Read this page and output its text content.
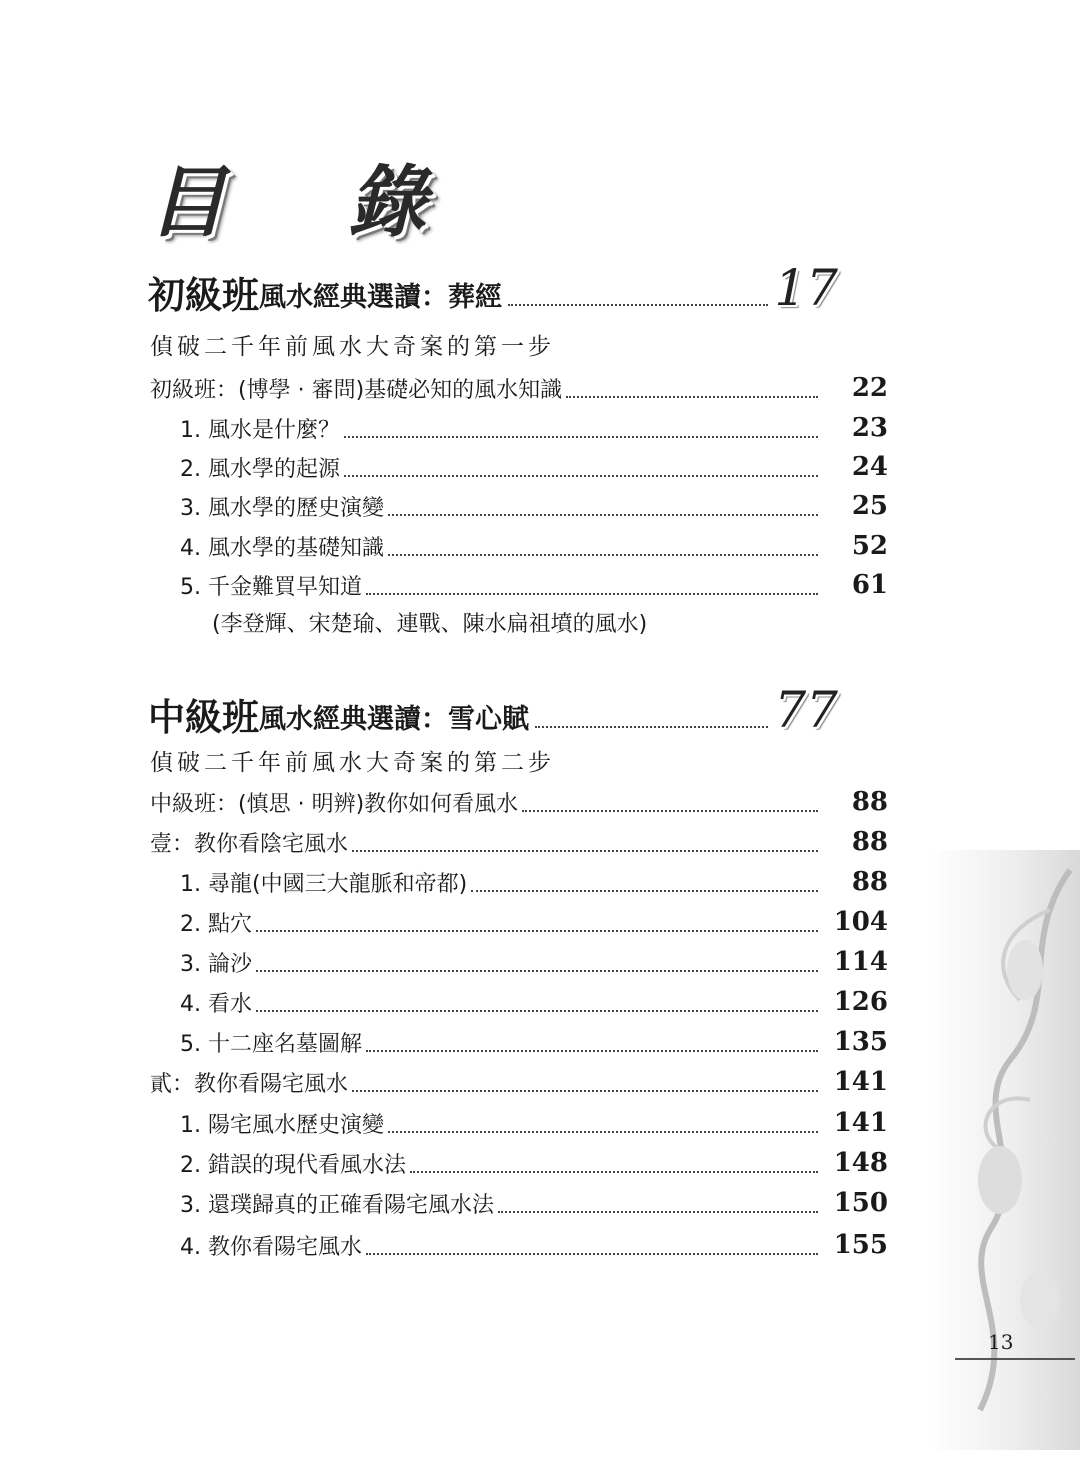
目 錄
初級班 風水經典選讀：葬經	17
偵破二千年前風水大奇案的第一步
初級班：(博學 · 審問)基礎必知的風水知識	22
1. 風水是什麼？	23
2. 風水學的起源	24
3. 風水學的歷史演變	25
4. 風水學的基礎知識	52
5. 千金難買早知道	61
(李登輝、宋楚瑜、連戰、陳水扁祖墳的風水)
中級班 風水經典選讀：雪心賦	77
偵破二千年前風水大奇案的第二步
中級班：(慎思 · 明辨)教你如何看風水	88
壹：教你看陰宅風水	88
1. 尋龍(中國三大龍脈和帝都)	88
2. 點穴	104
3. 論沙	114
4. 看水	126
5. 十二座名墓圖解	135
貳：教你看陽宅風水	141
1. 陽宅風水歷史演變	141
2. 錯誤的現代看風水法	148
3. 還璞歸真的正確看陽宅風水法	150
4. 教你看陽宅風水	155
13
